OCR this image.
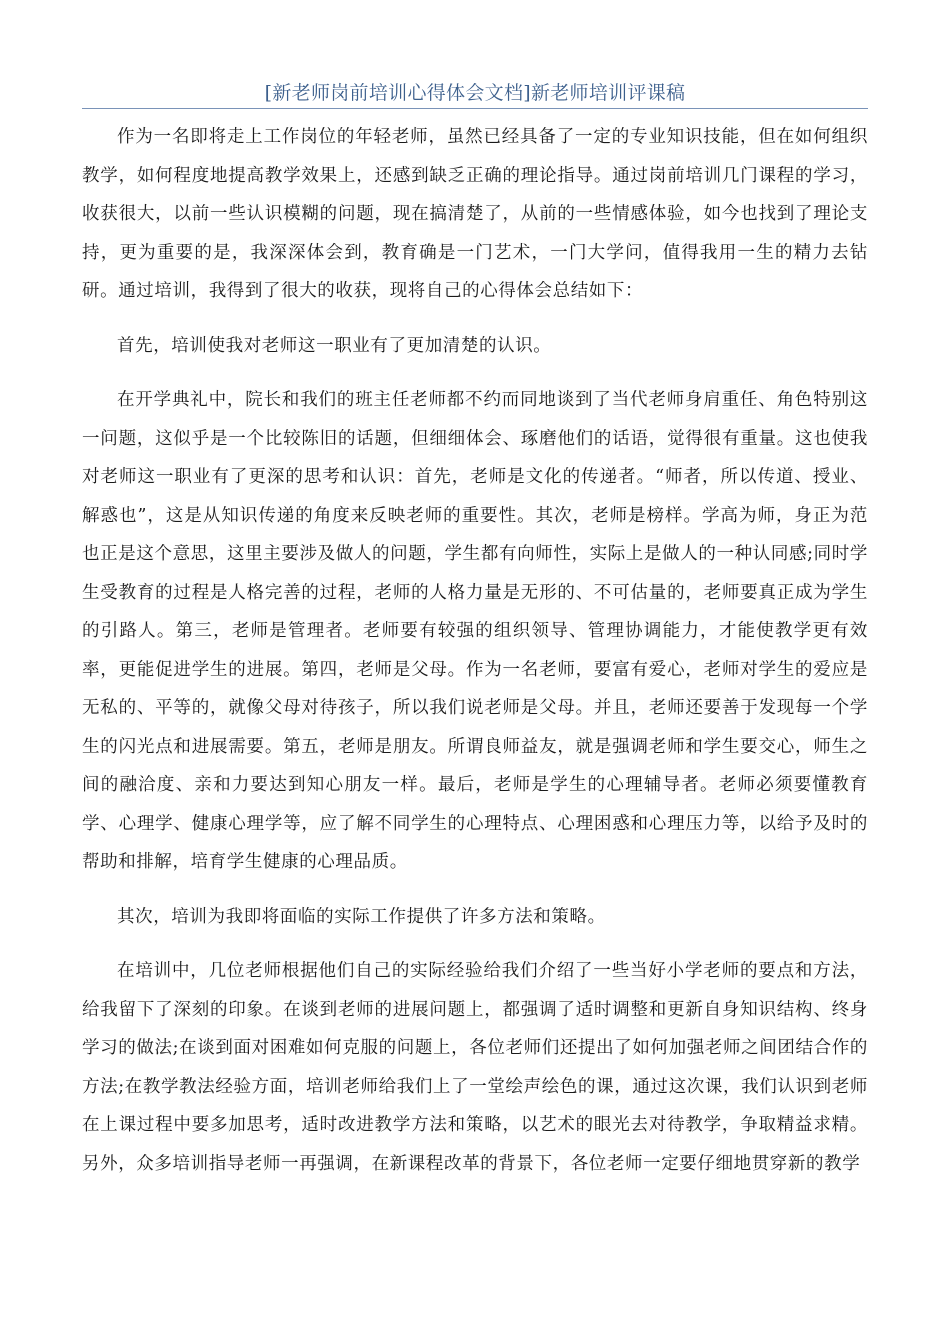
[新老师岗前培训心得体会文档]新老师培训评课稿

作为一名即将走上工作岗位的年轻老师，虽然已经具备了一定的专业知识技能，但在如何组织教学，如何程度地提高教学效果上，还感到缺乏正确的理论指导。通过岗前培训几门课程的学习，收获很大，以前一些认识模糊的问题，现在搞清楚了，从前的一些情感体验，如今也找到了理论支持，更为重要的是，我深深体会到，教育确是一门艺术，一门大学问，值得我用一生的精力去钻研。通过培训，我得到了很大的收获，现将自己的心得体会总结如下：

首先，培训使我对老师这一职业有了更加清楚的认识。

在开学典礼中，院长和我们的班主任老师都不约而同地谈到了当代老师身肩重任、角色特别这一问题，这似乎是一个比较陈旧的话题，但细细体会、琢磨他们的话语，觉得很有重量。这也使我对老师这一职业有了更深的思考和认识：首先，老师是文化的传递者。“师者，所以传道、授业、解惑也”，这是从知识传递的角度来反映老师的重要性。其次，老师是榜样。学高为师，身正为范也正是这个意思，这里主要涉及做人的问题，学生都有向师性，实际上是做人的一种认同感;同时学生受教育的过程是人格完善的过程，老师的人格力量是无形的、不可估量的，老师要真正成为学生的引路人。第三，老师是管理者。老师要有较强的组织领导、管理协调能力，才能使教学更有效率，更能促进学生的进展。第四，老师是父母。作为一名老师，要富有爱心，老师对学生的爱应是无私的、平等的，就像父母对待孩子，所以我们说老师是父母。并且，老师还要善于发现每一个学生的闪光点和进展需要。第五，老师是朋友。所谓良师益友，就是强调老师和学生要交心，师生之间的融洽度、亲和力要达到知心朋友一样。最后，老师是学生的心理辅导者。老师必须要懂教育学、心理学、健康心理学等，应了解不同学生的心理特点、心理困惑和心理压力等，以给予及时的帮助和排解，培育学生健康的心理品质。

其次，培训为我即将面临的实际工作提供了许多方法和策略。

在培训中，几位老师根据他们自己的实际经验给我们介绍了一些当好小学老师的要点和方法，给我留下了深刻的印象。在谈到老师的进展问题上，都强调了适时调整和更新自身知识结构、终身学习的做法;在谈到面对困难如何克服的问题上，各位老师们还提出了如何加强老师之间团结合作的方法;在教学教法经验方面，培训老师给我们上了一堂绘声绘色的课，通过这次课，我们认识到老师在上课过程中要多加思考，适时改进教学方法和策略，以艺术的眼光去对待教学，争取精益求精。另外，众多培训指导老师一再强调，在新课程改革的背景下，各位老师一定要仔细地贯穿新的教学
